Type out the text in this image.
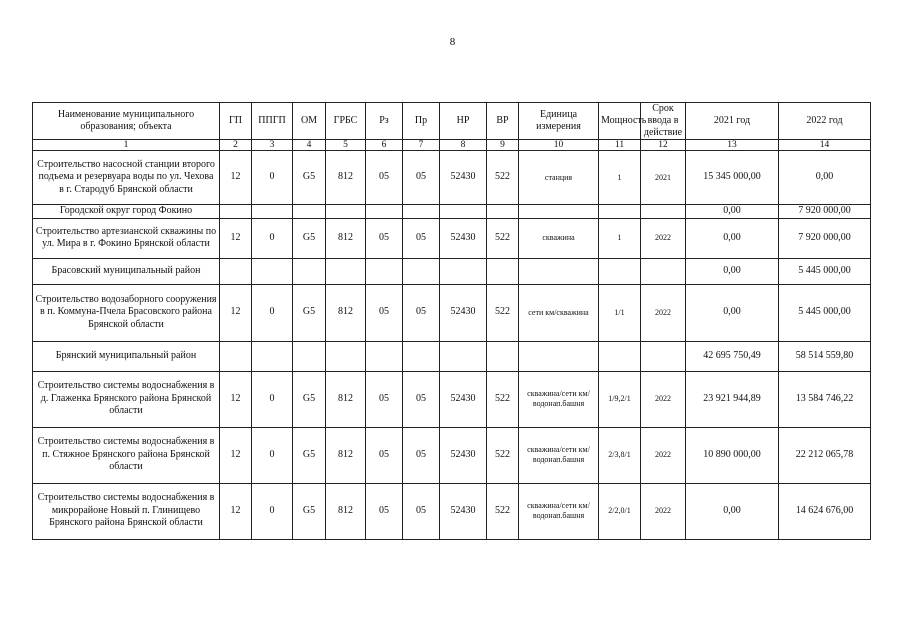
8
Наименование муниципального образования; объекта	ГП	ППГП	ОМ	ГРБС	Рз	Пр	НР	ВР	Единица измерения	Мощность	Срок ввода в действие	2021 год	2022 год
1	2	3	4	5	6	7	8	9	10	11	12	13	14
Строительство насосной станции второго подъема и резервуара воды по ул. Чехова в г. Стародуб Брянской области	12	0	G5	812	05	05	52430	522	станция	1	2021	15 345 000,00	0,00
Городской округ город Фокино												0,00	7 920 000,00
Строительство артезианской скважины по ул. Мира в г. Фокино Брянской области	12	0	G5	812	05	05	52430	522	скважина	1	2022	0,00	7 920 000,00
Брасовский муниципальный район												0,00	5 445 000,00
Строительство водозаборного сооружения в п. Коммуна-Пчела Брасовского района Брянской области	12	0	G5	812	05	05	52430	522	сети км/скважина	1/1	2022	0,00	5 445 000,00
Брянский муниципальный район												42 695 750,49	58 514 559,80
Строительство системы водоснабжения в д. Глаженка Брянского района Брянской области	12	0	G5	812	05	05	52430	522	скважина/сети км/водонап.башня	1/9,2/1	2022	23 921 944,89	13 584 746,22
Строительство системы водоснабжения в п. Стяжное Брянского района Брянской области	12	0	G5	812	05	05	52430	522	скважина/сети км/водонап.башня	2/3,8/1	2022	10 890 000,00	22 212 065,78
Строительство системы водоснабжения в микрорайоне Новый п. Глинищево Брянского района Брянской области	12	0	G5	812	05	05	52430	522	скважина/сети км/водонап.башня	2/2,0/1	2022	0,00	14 624 676,00
